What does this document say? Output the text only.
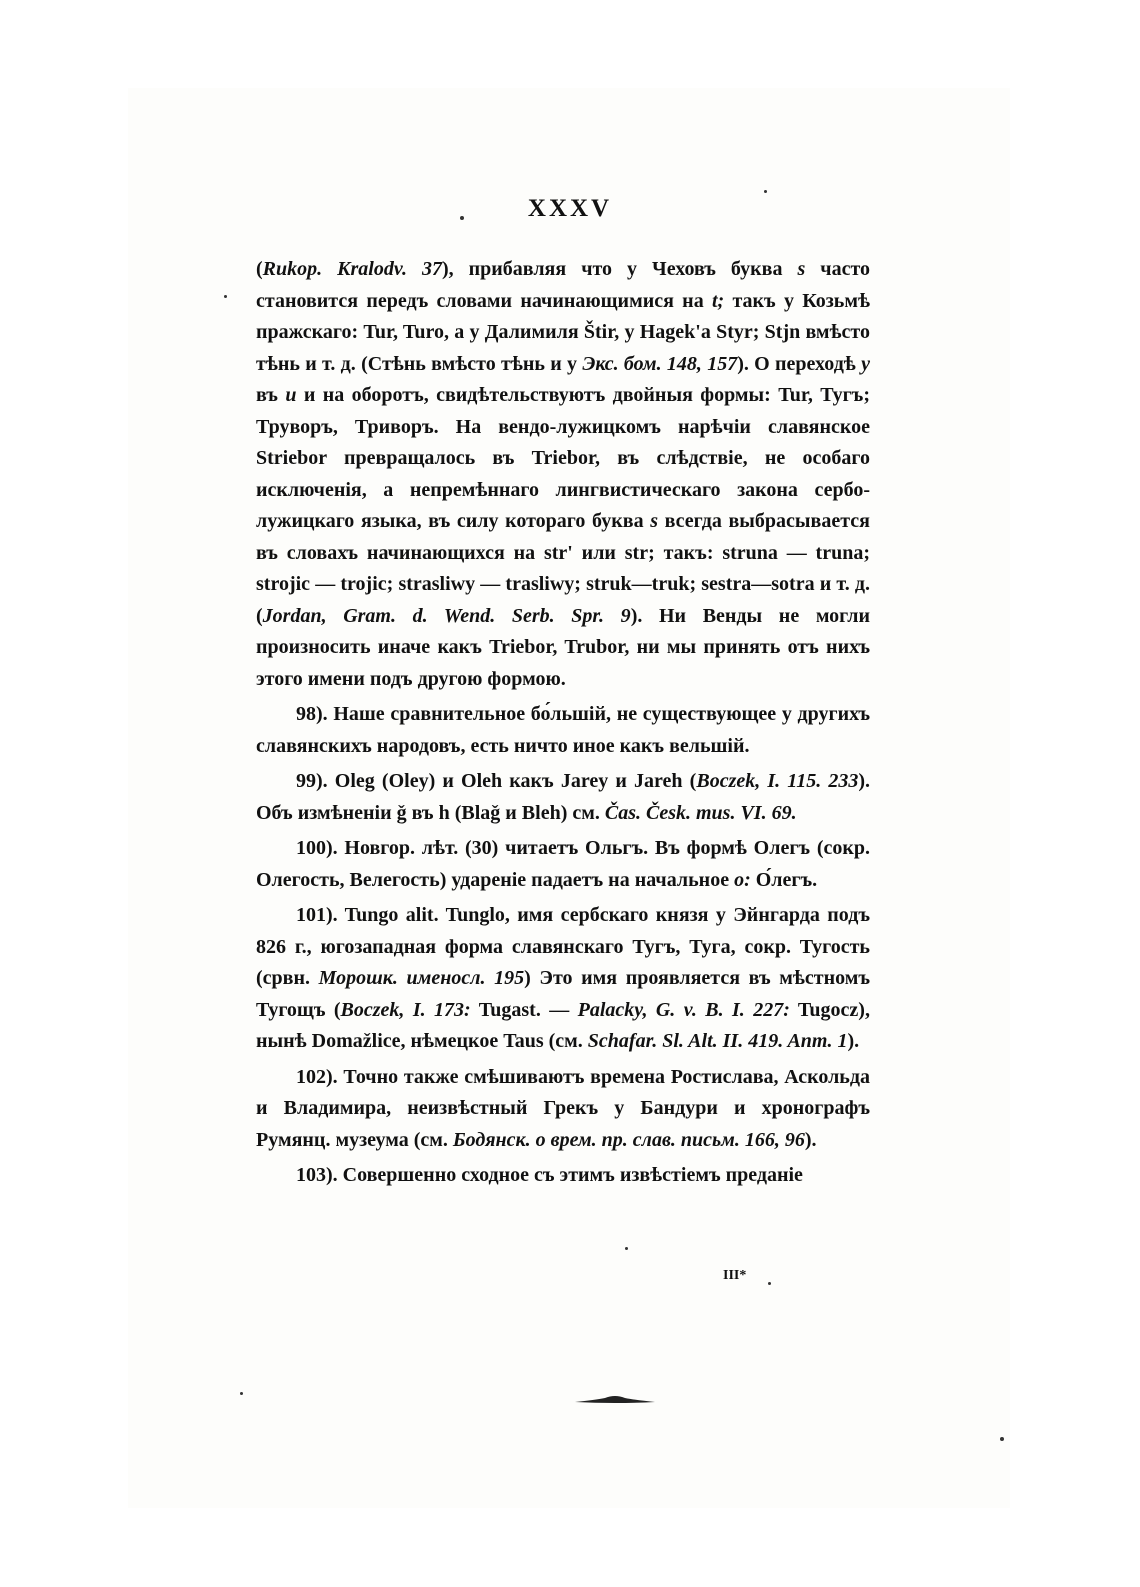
XXXV

(Rukop. Kralodv. 37), прибавляя что у Чеховъ буква s часто становится передъ словами начинающимися на t; такъ у Козьмѣ пражскаго: Tur, Turo, а у Далимиля Štir, у Hagek'a Styr; Stjn вмѣсто тѣнь и т. д. (Стѣнь вмѣсто тѣнь и у Экс. бом. 148, 157). О переходѣ у въ и и на оборотъ, свидѣтельствуютъ двойныя формы: Tur, Тугъ; Труворъ, Триворъ. На вендо-лужицкомъ нарѣчіи славянское Striebor превращалось въ Triebor, въ слѣдствіе, не особаго исключенія, а непремѣннаго лингвистическаго закона сербо-лужицкаго языка, въ силу котораго буква s всегда выбрасывается въ словахъ начинающихся на str' или str; такъ: struna — truna; strojic — trojic; strasliwy — trasliwy; struk—truk; sestra—sotra и т. д. (Jordan, Gram. d. Wend. Serb. Spr. 9). Ни Венды не могли произносить иначе какъ Triebor, Trubor, ни мы принять отъ нихъ этого имени подъ другою формою.

98). Наше сравнительное бо́льшій, не существующее у другихъ славянскихъ народовъ, есть ничто иное какъ вельшій.

99). Oleg (Oley) и Oleh какъ Jarey и Jareh (Boczek, I. 115. 233). Объ измѣненіи ǧ въ h (Blaǧ и Bleh) см. Čas. Česk. mus. VI. 69.

100). Новгор. лѣт. (30) читаетъ Ольгъ. Въ формѣ Олегъ (сокр. Олегость, Велегость) удареніе падаетъ на начальное о: О́легъ.

101). Tungo alit. Tunglo, имя сербскаго князя у Эйнгарда подъ 826 г., югозападная форма славянскаго Тугъ, Туга, сокр. Тугость (срвн. Морошк. именосл. 195) Это имя проявляется въ мѣстномъ Тугощъ (Boczek, I. 173: Tugast. — Palacky, G. v. B. I. 227: Tugocz), нынѣ Domažlice, нѣмецкое Taus (см. Schafar. Sl. Alt. II. 419. Anm. 1).

102). Точно также смѣшиваютъ времена Ростислава, Аскольда и Владимира, неизвѣстный Грекъ у Бандури и хронографъ Румянц. музеума (см. Бодянск. о врем. пр. слав. письм. 166, 96).

103). Совершенно сходное съ этимъ извѣстіемъ преданіе

III*
